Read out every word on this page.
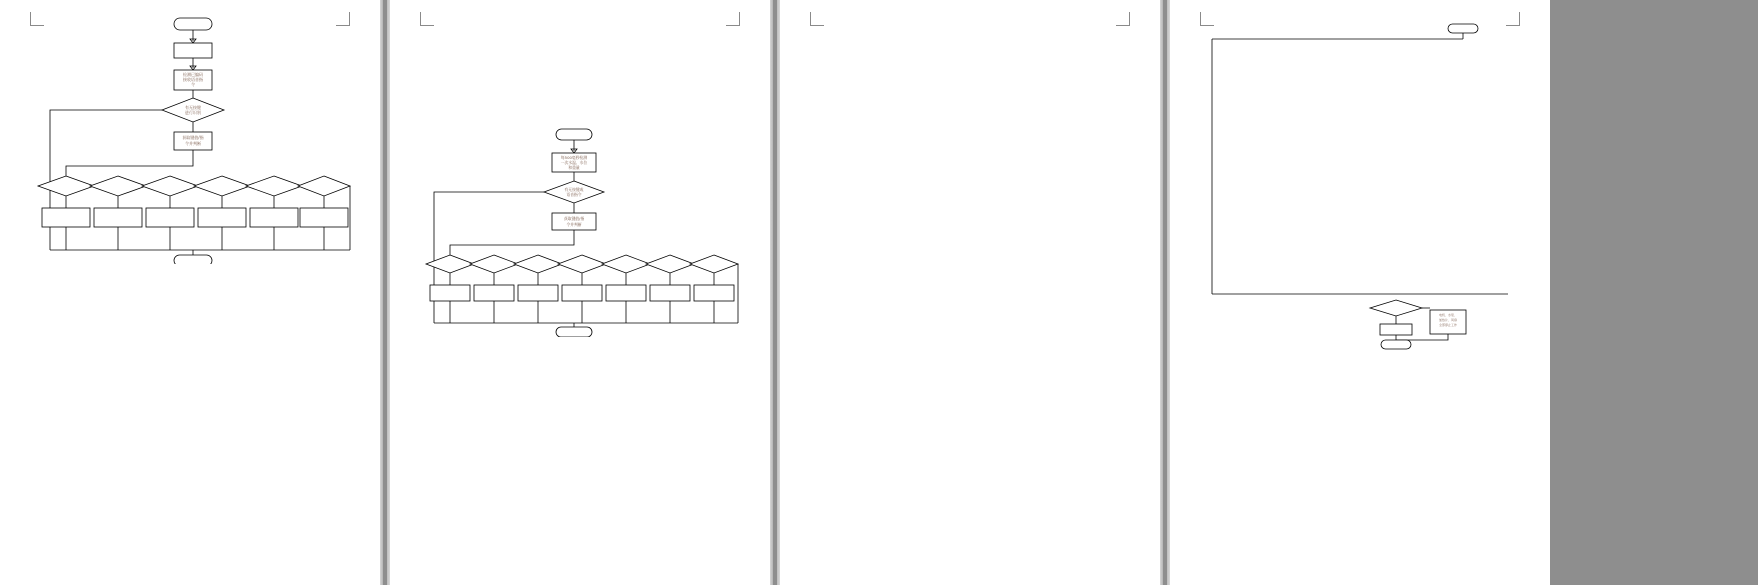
检测已编码
接收语音指
令
有无按键
进行识别
获取键值/指
令并判断

每500毫秒检测
一次水温、水位
和重量
有无按键或
语音指令
获取键值/指
令并判断

电机、水泵、
加热片、风扇
全部停止工作
